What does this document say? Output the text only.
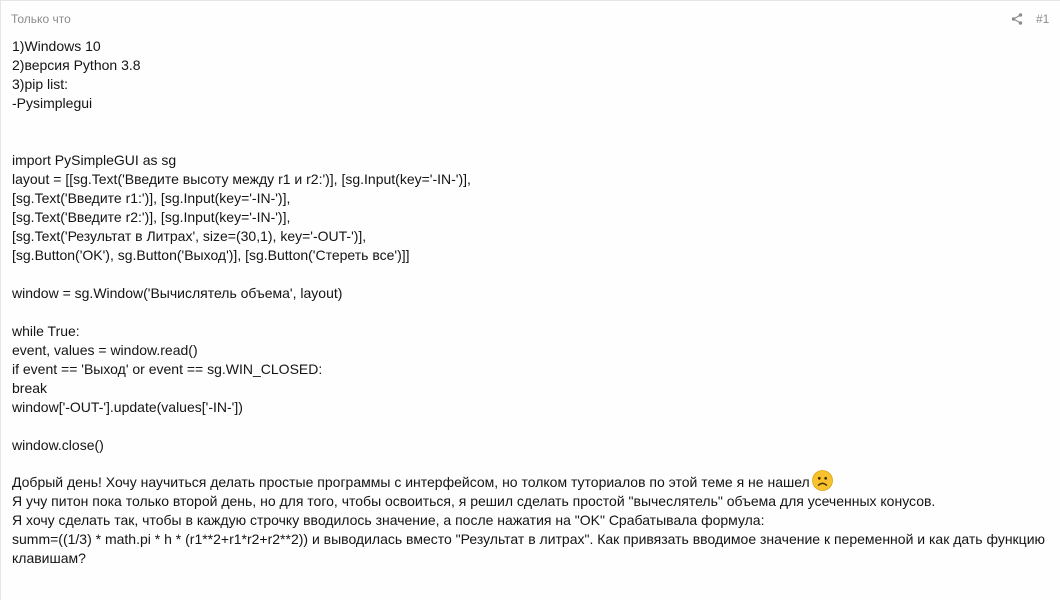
Только что	#1
1)Windows 10
2)версия Python 3.8
3)pip list:
-Pysimplegui
import PySimpleGUI as sg
layout = [[sg.Text('Введите высоту между r1 и r2:')], [sg.Input(key='-IN-')],
[sg.Text('Введите r1:')], [sg.Input(key='-IN-')],
[sg.Text('Введите r2:')], [sg.Input(key='-IN-')],
[sg.Text('Результат в Литрах', size=(30,1), key='-OUT-')],
[sg.Button('OK'), sg.Button('Выход')], [sg.Button('Стереть все')]]
window = sg.Window('Вычислятель объема', layout)
while True:
event, values = window.read()
if event == 'Выход' or event == sg.WIN_CLOSED:
break
window['-OUT-'].update(values['-IN-'])
window.close()
Добрый день! Хочу научиться делать простые программы с интерфейсом, но толком туториалов по этой теме я не нашел
Я учу питон пока только второй день, но для того, чтобы освоиться, я решил сделать простой "вычеслятель" объема для усеченных конусов.
Я хочу сделать так, чтобы в каждую строчку вводилось значение, а после нажатия на "OK" Срабатывала формула:
summ=((1/3) * math.pi * h * (r1**2+r1*r2+r2**2)) и выводилась вместо "Результат в литрах". Как привязать вводимое значение к переменной и как дать функцию клавишам?
